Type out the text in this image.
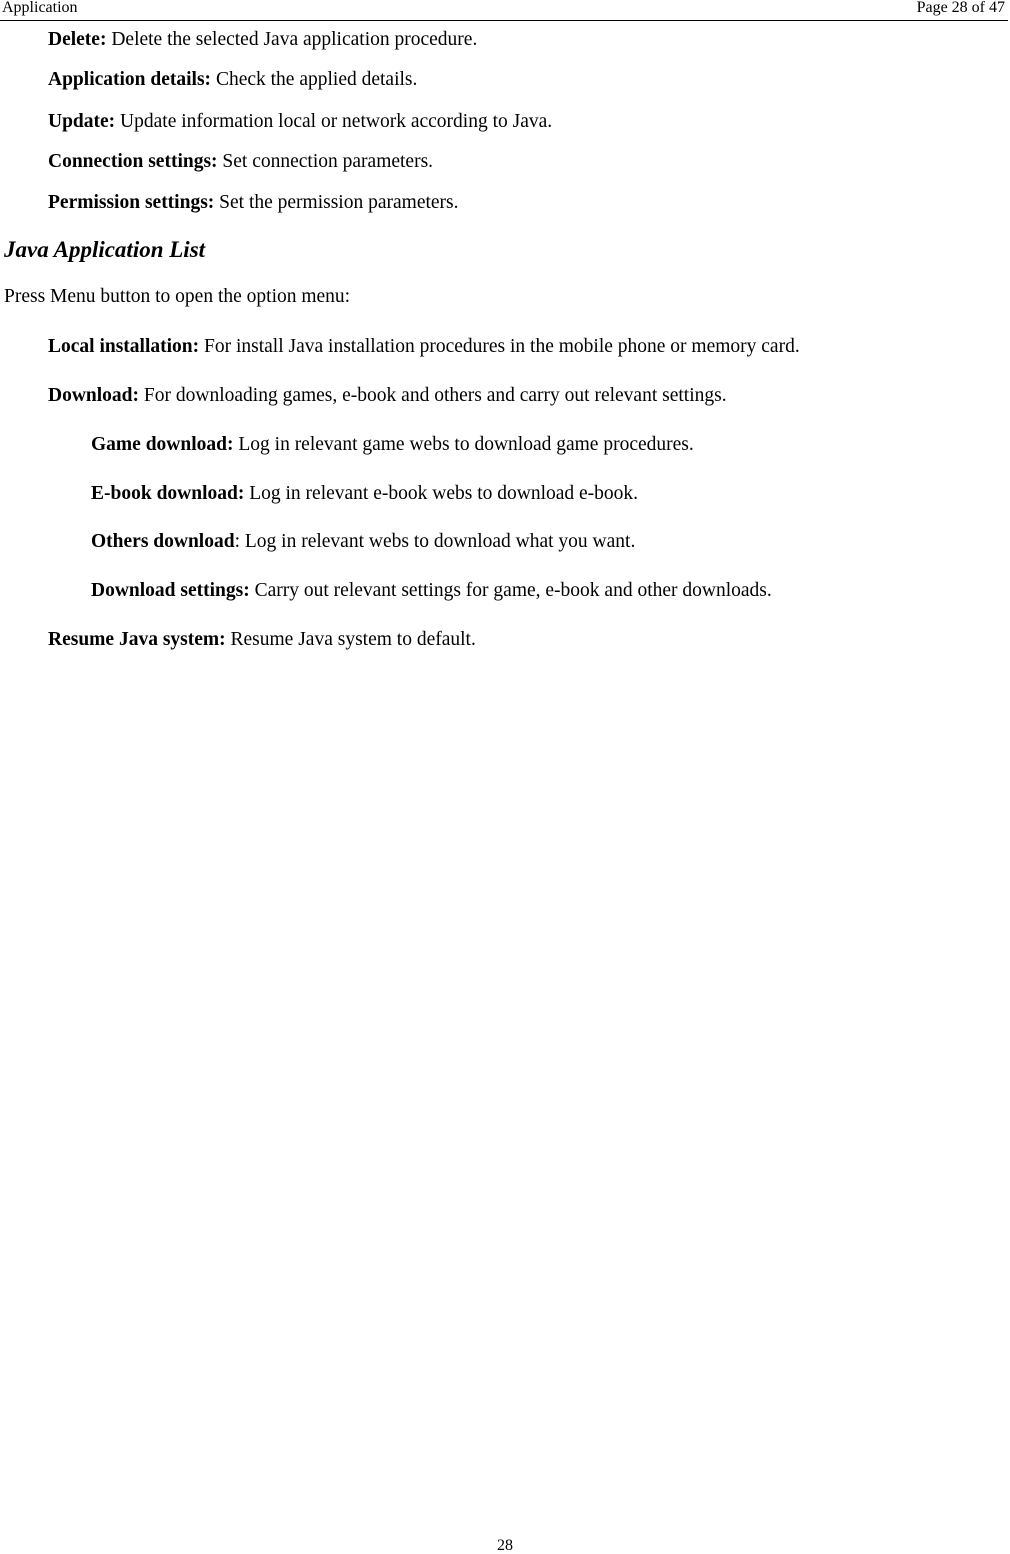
Application	Page 28 of 47
Delete: Delete the selected Java application procedure.
Application details: Check the applied details.
Update: Update information local or network according to Java.
Connection settings: Set connection parameters.
Permission settings: Set the permission parameters.
Java Application List
Press Menu button to open the option menu:
Local installation: For install Java installation procedures in the mobile phone or memory card.
Download: For downloading games, e-book and others and carry out relevant settings.
Game download: Log in relevant game webs to download game procedures.
E-book download: Log in relevant e-book webs to download e-book.
Others download: Log in relevant webs to download what you want.
Download settings: Carry out relevant settings for game, e-book and other downloads.
Resume Java system: Resume Java system to default.
28
